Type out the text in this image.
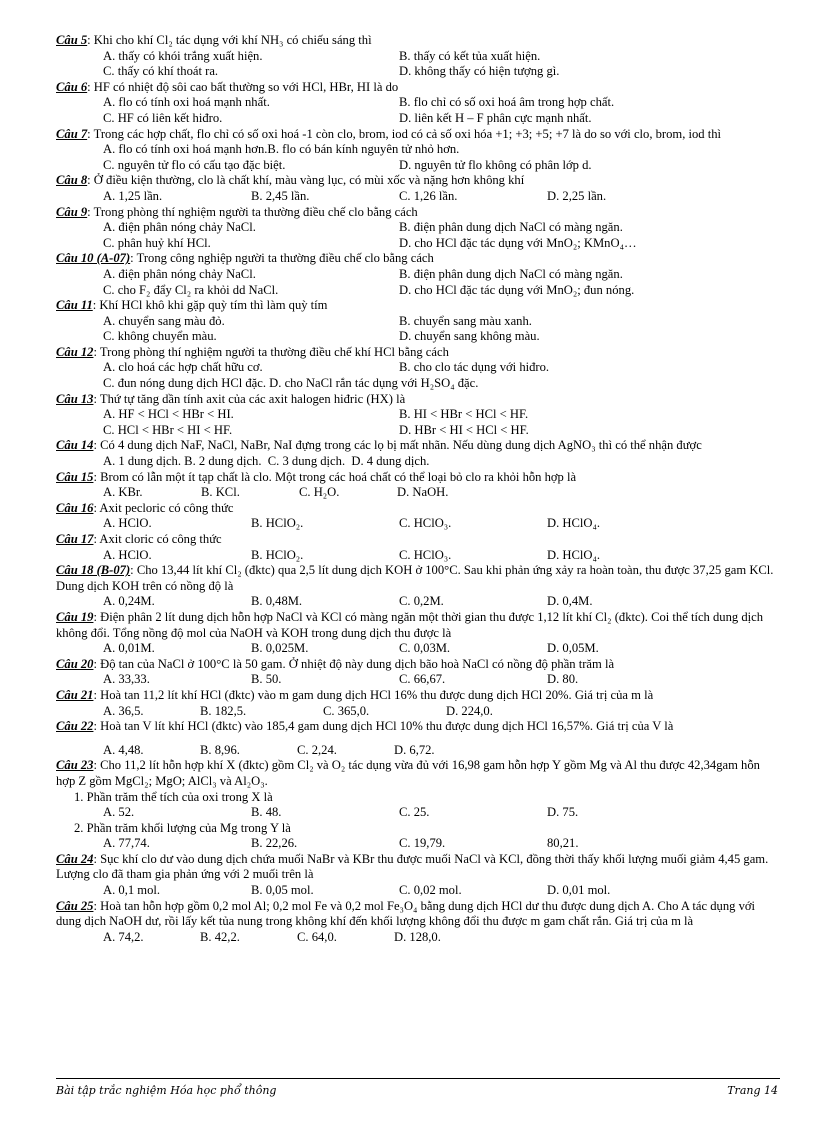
Câu 5: Khi cho khí Cl₂ tác dụng với khí NH₃ có chiếu sáng thì
A. thấy có khói trắng xuất hiện.	B. thấy có kết tủa xuất hiện.
C. thấy có khí thoát ra.	D. không thấy có hiện tượng gì.
Câu 6: HF có nhiệt độ sôi cao bất thường so với HCl, HBr, HI là do
A. flo có tính oxi hoá mạnh nhất.	B. flo chỉ có số oxi hoá âm trong hợp chất.
C. HF có liên kết hiđro.	D. liên kết H – F phân cực mạnh nhất.
Câu 7: Trong các hợp chất, flo chỉ có số oxi hoá -1 còn clo, brom, iod có cả số oxi hóa +1; +3; +5; +7 là do so với clo, brom, iod thì
A. flo có tính oxi hoá mạnh hơn. B. flo có bán kính nguyên tử nhỏ hơn.
C. nguyên tử flo có cấu tạo đặc biệt.	D. nguyên tử flo không có phân lớp d.
Câu 8: Ở điều kiện thường, clo là chất khí, màu vàng lục, có mùi xốc và nặng hơn không khí
A. 1,25 lần.	B. 2,45 lần.	C. 1,26 lần.	D. 2,25 lần.
Câu 9: Trong phòng thí nghiệm người ta thường điều chế clo bằng cách
A. điện phân nóng chảy NaCl.	B. điện phân dung dịch NaCl có màng ngăn.
C. phân huỷ khí HCl.	D. cho HCl đặc tác dụng với MnO₂; KMnO₄…
Câu 10 (A-07): Trong công nghiệp người ta thường điều chế clo bằng cách
A. điện phân nóng chảy NaCl.	B. điện phân dung dịch NaCl có màng ngăn.
C. cho F₂ đẩy Cl₂ ra khỏi dd NaCl.	D. cho HCl đặc tác dụng với MnO₂; đun nóng.
Câu 11: Khí HCl khô khi gặp quỳ tím thì làm quỳ tím
A. chuyển sang màu đỏ.	B. chuyển sang màu xanh.
C. không chuyển màu.	D. chuyển sang không màu.
Câu 12: Trong phòng thí nghiệm người ta thường điều chế khí HCl bằng cách
A. clo hoá các hợp chất hữu cơ.	B. cho clo tác dụng với hiđro.
C. đun nóng dung dịch HCl đặc. D. cho NaCl rắn tác dụng với H₂SO₄ đặc.
Câu 13: Thứ tự tăng dần tính axit của các axit halogen hiđric (HX) là
A. HF < HCl < HBr < HI.	B. HI < HBr < HCl < HF.
C. HCl < HBr < HI < HF.	D. HBr < HI < HCl < HF.
Câu 14: Có 4 dung dịch NaF, NaCl, NaBr, NaI đựng trong các lọ bị mất nhãn. Nếu dùng dung dịch AgNO₃ thì có thể nhận được
A. 1 dung dịch. B. 2 dung dịch. C. 3 dung dịch. D. 4 dung dịch.
Câu 15: Brom có lẫn một ít tạp chất là clo. Một trong các hoá chất có thể loại bỏ clo ra khỏi hỗn hợp là
A. KBr.	B. KCl.	C. H₂O.	D. NaOH.
Câu 16: Axit pecloric có công thức
A. HClO.	B. HClO₂.	C. HClO₃.	D. HClO₄.
Câu 17: Axit cloric có công thức
A. HClO.	B. HClO₂.	C. HClO₃.	D. HClO₄.
Câu 18 (B-07): Cho 13,44 lít khí Cl₂ (đktc) qua 2,5 lít dung dịch KOH ở 100°C. Sau khi phản ứng xảy ra hoàn toàn, thu được 37,25 gam KCl. Dung dịch KOH trên có nồng độ là
A. 0,24M.	B. 0,48M.	C. 0,2M.	D. 0,4M.
Câu 19: Điện phân 2 lít dung dịch hỗn hợp NaCl và KCl có màng ngăn một thời gian thu được 1,12 lít khí Cl₂ (đktc). Coi thể tích dung dịch không đổi. Tổng nồng độ mol của NaOH và KOH trong dung dịch thu được là
A. 0,01M.	B. 0,025M.	C. 0,03M.	D. 0,05M.
Câu 20: Độ tan của NaCl ở 100°C là 50 gam. Ở nhiệt độ này dung dịch bão hoà NaCl có nồng độ phần trăm là
A. 33,33.	B. 50.	C. 66,67.	D. 80.
Câu 21: Hoà tan 11,2 lít khí HCl (đktc) vào m gam dung dịch HCl 16% thu được dung dịch HCl 20%. Giá trị của m là
A. 36,5.	B. 182,5.	C. 365,0.	D. 224,0.
Câu 22: Hoà tan V lít khí HCl (đktc) vào 185,4 gam dung dịch HCl 10% thu được dung dịch HCl 16,57%. Giá trị của V là
A. 4,48.	B. 8,96.	C. 2,24.	D. 6,72.
Câu 23: Cho 11,2 lít hỗn hợp khí X (đktc) gồm Cl₂ và O₂ tác dụng vừa đủ với 16,98 gam hỗn hợp Y gồm Mg và Al thu được 42,34gam hỗn hợp Z gồm MgCl₂; MgO; AlCl₃ và Al₂O₃.
1. Phần trăm thể tích của oxi trong X là
A. 52.	B. 48.	C. 25.	D. 75.
2. Phần trăm khối lượng của Mg trong Y là
A. 77,74.	B. 22,26.	C. 19,79.	80,21.
Câu 24: Sục khí clo dư vào dung dịch chứa muối NaBr và KBr thu được muối NaCl và KCl, đồng thời thấy khối lượng muối giảm 4,45 gam. Lượng clo đã tham gia phản ứng với 2 muối trên là
A. 0,1 mol.	B. 0,05 mol.	C. 0,02 mol.	D. 0,01 mol.
Câu 25: Hoà tan hỗn hợp gồm 0,2 mol Al; 0,2 mol Fe và 0,2 mol Fe₃O₄ bằng dung dịch HCl dư thu được dung dịch A. Cho A tác dụng với dung dịch NaOH dư, rồi lấy kết tủa nung trong không khí đến khối lượng không đổi thu được m gam chất rắn. Giá trị của m là
A. 74,2.	B. 42,2.	C. 64,0.	D. 128,0.
Bài tập trắc nghiệm Hóa học phổ thông	Trang 14
